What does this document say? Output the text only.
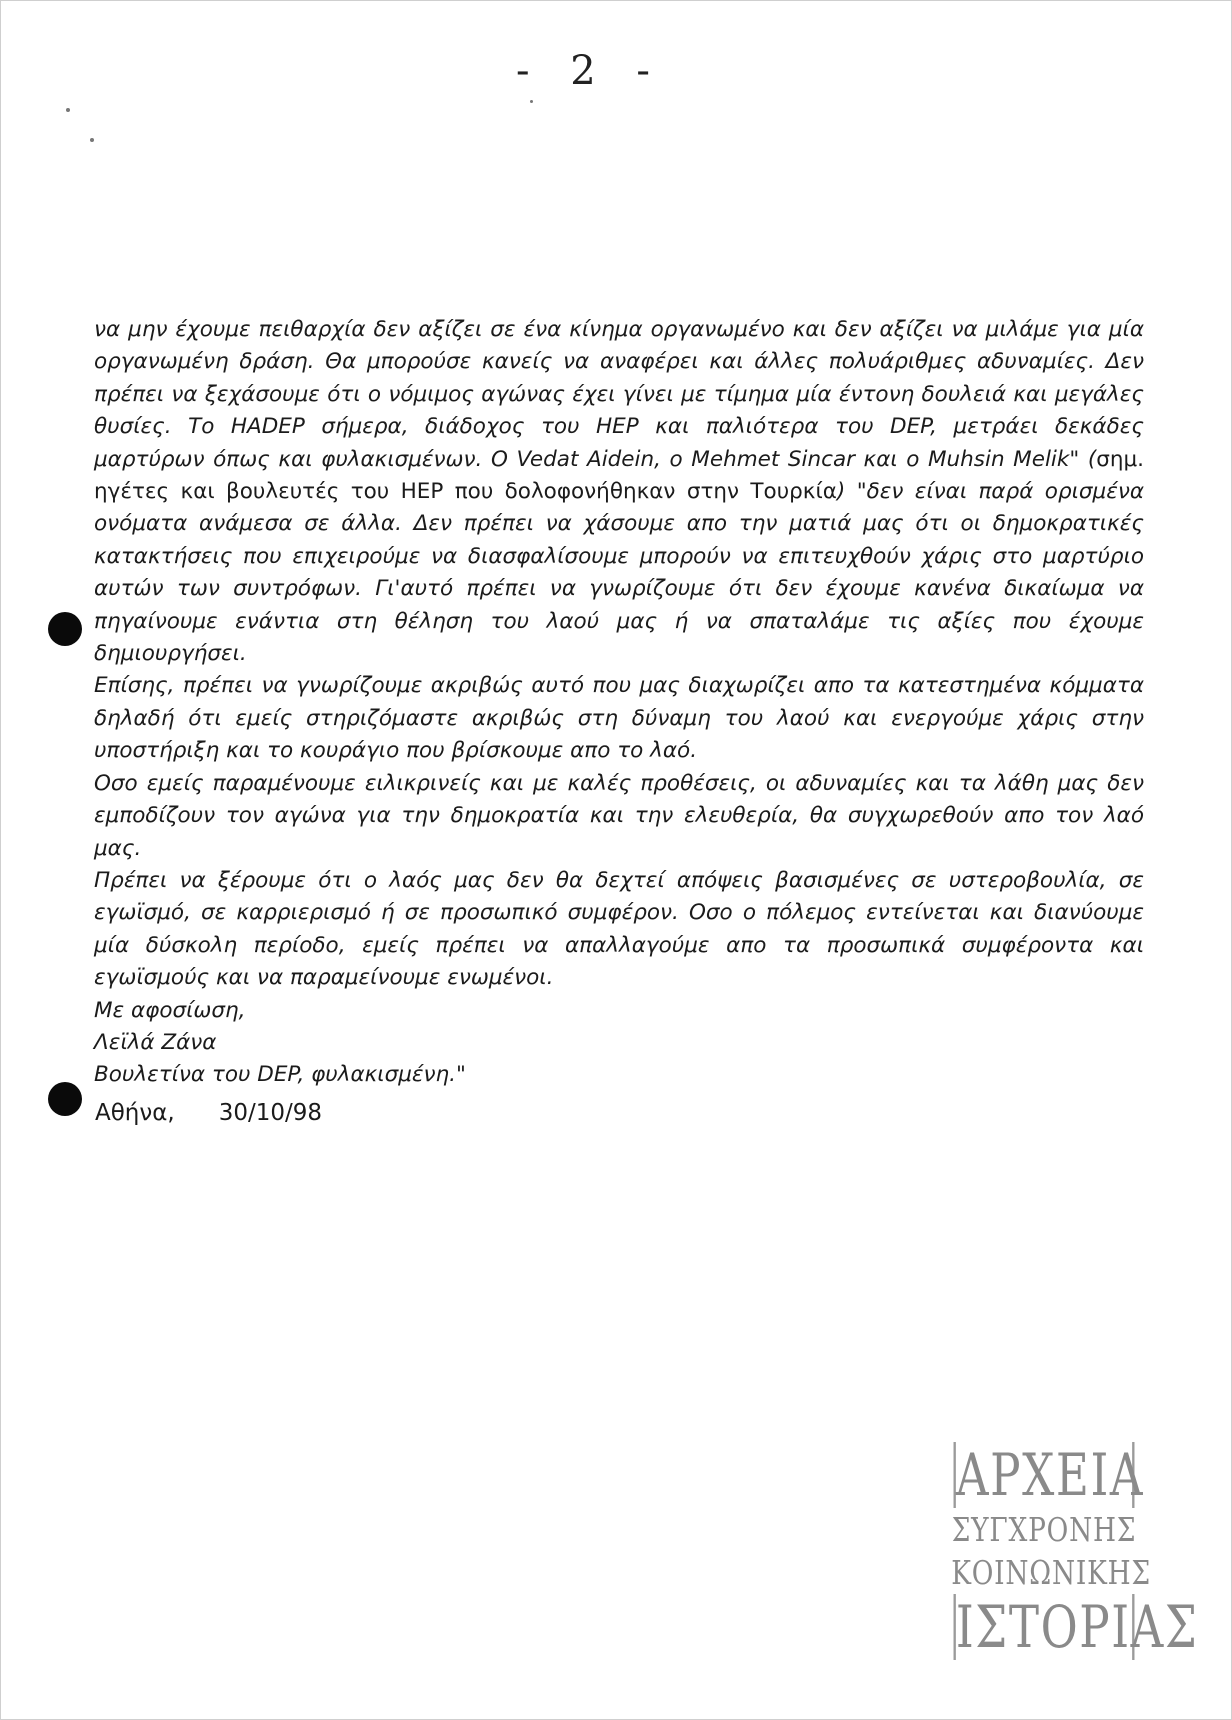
- 2 -

να μην έχουμε πειθαρχία δεν αξίζει σε ένα κίνημα οργανωμένο και δεν αξίζει να μιλάμε για μία οργανωμένη δράση. Θα μπορούσε κανείς να αναφέρει και άλλες πολυάριθμες αδυναμίες. Δεν πρέπει να ξεχάσουμε ότι ο νόμιμος αγώνας έχει γίνει με τίμημα μία έντονη δουλειά και μεγάλες θυσίες. Το HADEP σήμερα, διάδοχος του HEP και παλιότερα του DEP, μετράει δεκάδες μαρτύρων όπως και φυλακισμένων. Ο Vedat Aidein, ο Mehmet Sincar και ο Muhsin Melik" (σημ. ηγέτες και βουλευτές του HEP που δολοφονήθηκαν στην Τουρκία) "δεν είναι παρά ορισμένα ονόματα ανάμεσα σε άλλα. Δεν πρέπει να χάσουμε απο την ματιά μας ότι οι δημοκρατικές κατακτήσεις που επιχειρούμε να διασφαλίσουμε μπορούν να επιτευχθούν χάρις στο μαρτύριο αυτών των συντρόφων. Γι'αυτό πρέπει να γνωρίζουμε ότι δεν έχουμε κανένα δικαίωμα να πηγαίνουμε ενάντια στη θέληση του λαού μας ή να σπαταλάμε τις αξίες που έχουμε δημιουργήσει.

Επίσης, πρέπει να γνωρίζουμε ακριβώς αυτό που μας διαχωρίζει απο τα κατεστημένα κόμματα δηλαδή ότι εμείς στηριζόμαστε ακριβώς στη δύναμη του λαού και ενεργούμε χάρις στην υποστήριξη και το κουράγιο που βρίσκουμε απο το λαό.

Οσο εμείς παραμένουμε ειλικρινείς και με καλές προθέσεις, οι αδυναμίες και τα λάθη μας δεν εμποδίζουν τον αγώνα για την δημοκρατία και την ελευθερία, θα συγχωρεθούν απο τον λαό μας.

Πρέπει να ξέρουμε ότι ο λαός μας δεν θα δεχτεί απόψεις βασισμένες σε υστεροβουλία, σε εγωϊσμό, σε καρριερισμό ή σε προσωπικό συμφέρον. Οσο ο πόλεμος εντείνεται και διανύουμε μία δύσκολη περίοδο, εμείς πρέπει να απαλλαγούμε απο τα προσωπικά συμφέροντα και εγωϊσμούς και να παραμείνουμε ενωμένοι.

Με αφοσίωση,

Λεϊλά Ζάνα

Βουλετίνα του DEP, φυλακισμένη."

Αθήνα, 30/10/98
ΑΡΧΕΙΑ
ΣΥΓΧΡΟΝΗΣ
ΚΟΙΝΩΝΙΚΗΣ
ΙΣΤΟΡΙΑΣ
